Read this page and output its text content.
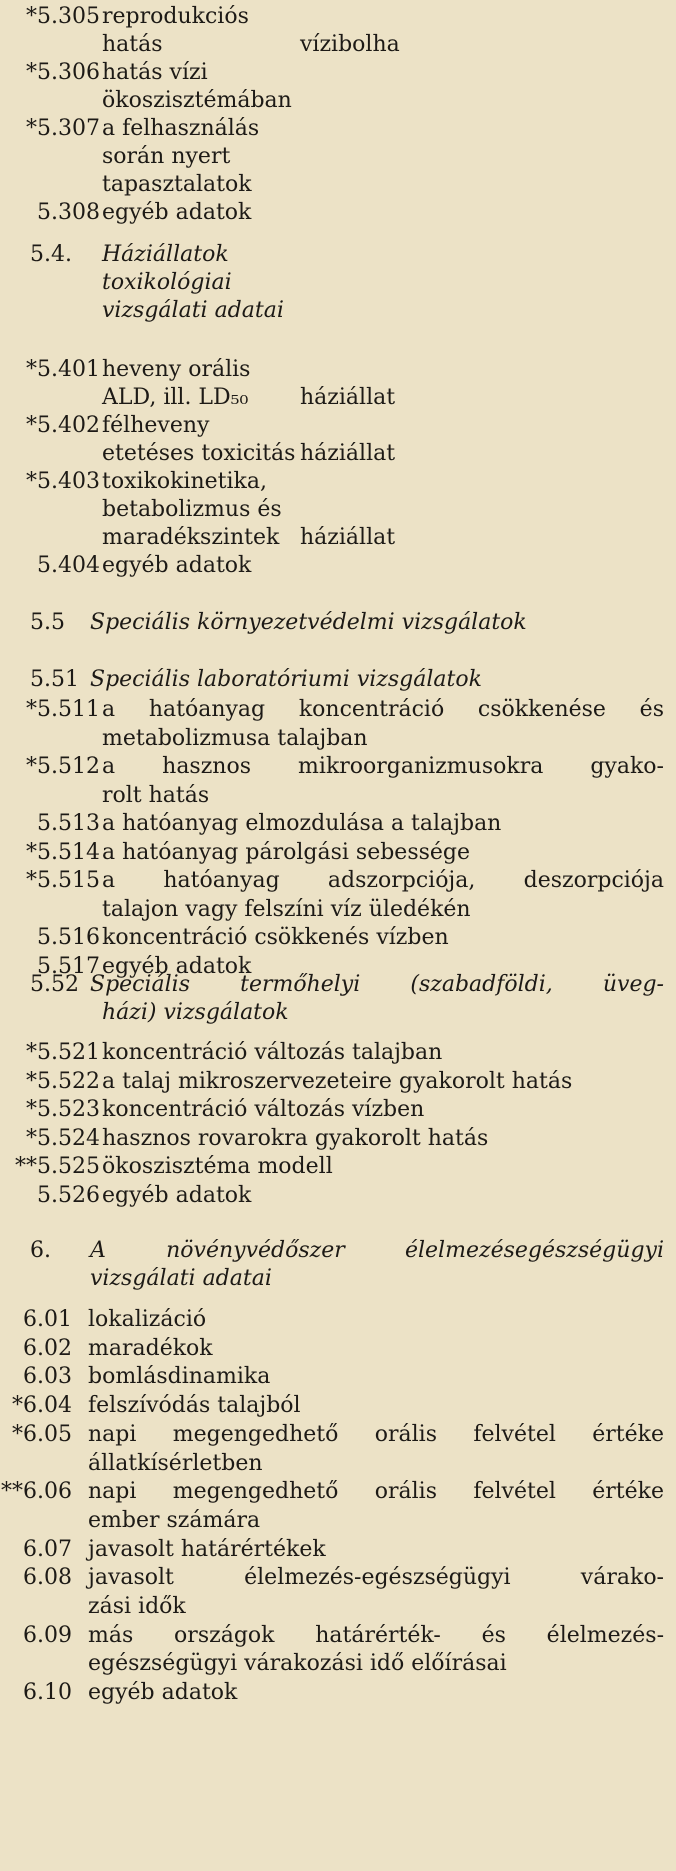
*5.305 reprodukciós
hatás	vízibolha
*5.306 hatás vízi
ökoszisztémában
*5.307 a felhasználás
során nyert
tapasztalatok
5.308 egyéb adatok
5.4. Háziállatok
toxikológiai
vizsgálati adatai
*5.401 heveny orális
ALD, ill. LD₅₀ háziállat
*5.402 félheveny
etetéses toxicitás háziállat
*5.403 toxikokinetika,
betabolizmus és
maradékszintek háziállat
5.404 egyéb adatok
5.5 Speciális környezetvédelmi vizsgálatok
5.51 Speciális laboratóriumi vizsgálatok
*5.511 a hatóanyag koncentráció csökkenése és
metabolizmusa talajban
*5.512 a hasznos mikroorganizmusokra gyako-
rolt hatás
5.513 a hatóanyag elmozdulása a talajban
*5.514 a hatóanyag párolgási sebessége
*5.515 a hatóanyag adszorpciója, deszorpciója
talajon vagy felszíni víz üledékén
5.516 koncentráció csökkenés vízben
5.517 egyéb adatok
5.52 Speciális termőhelyi (szabadföldi, üveg-
házi) vizsgálatok
*5.521 koncentráció változás talajban
*5.522 a talaj mikroszervezeteire gyakorolt hatás
*5.523 koncentráció változás vízben
*5.524 hasznos rovarokra gyakorolt hatás
**5.525 ökoszisztéma modell
5.526 egyéb adatok
6. A növényvédőszer élelmezésegészségügyi
vizsgálati adatai
6.01 lokalizáció
6.02 maradékok
6.03 bomlásdinamika
*6.04 felszívódás talajból
*6.05 napi megengedhető orális felvétel értéke
állatkísérletben
**6.06 napi megengedhető orális felvétel értéke
ember számára
6.07 javasolt határértékek
6.08 javasolt élelmezés-egészségügyi várako-
zási idők
6.09 más országok határérték- és élelmezés-
egészségügyi várakozási idő előírásai
6.10 egyéb adatok
